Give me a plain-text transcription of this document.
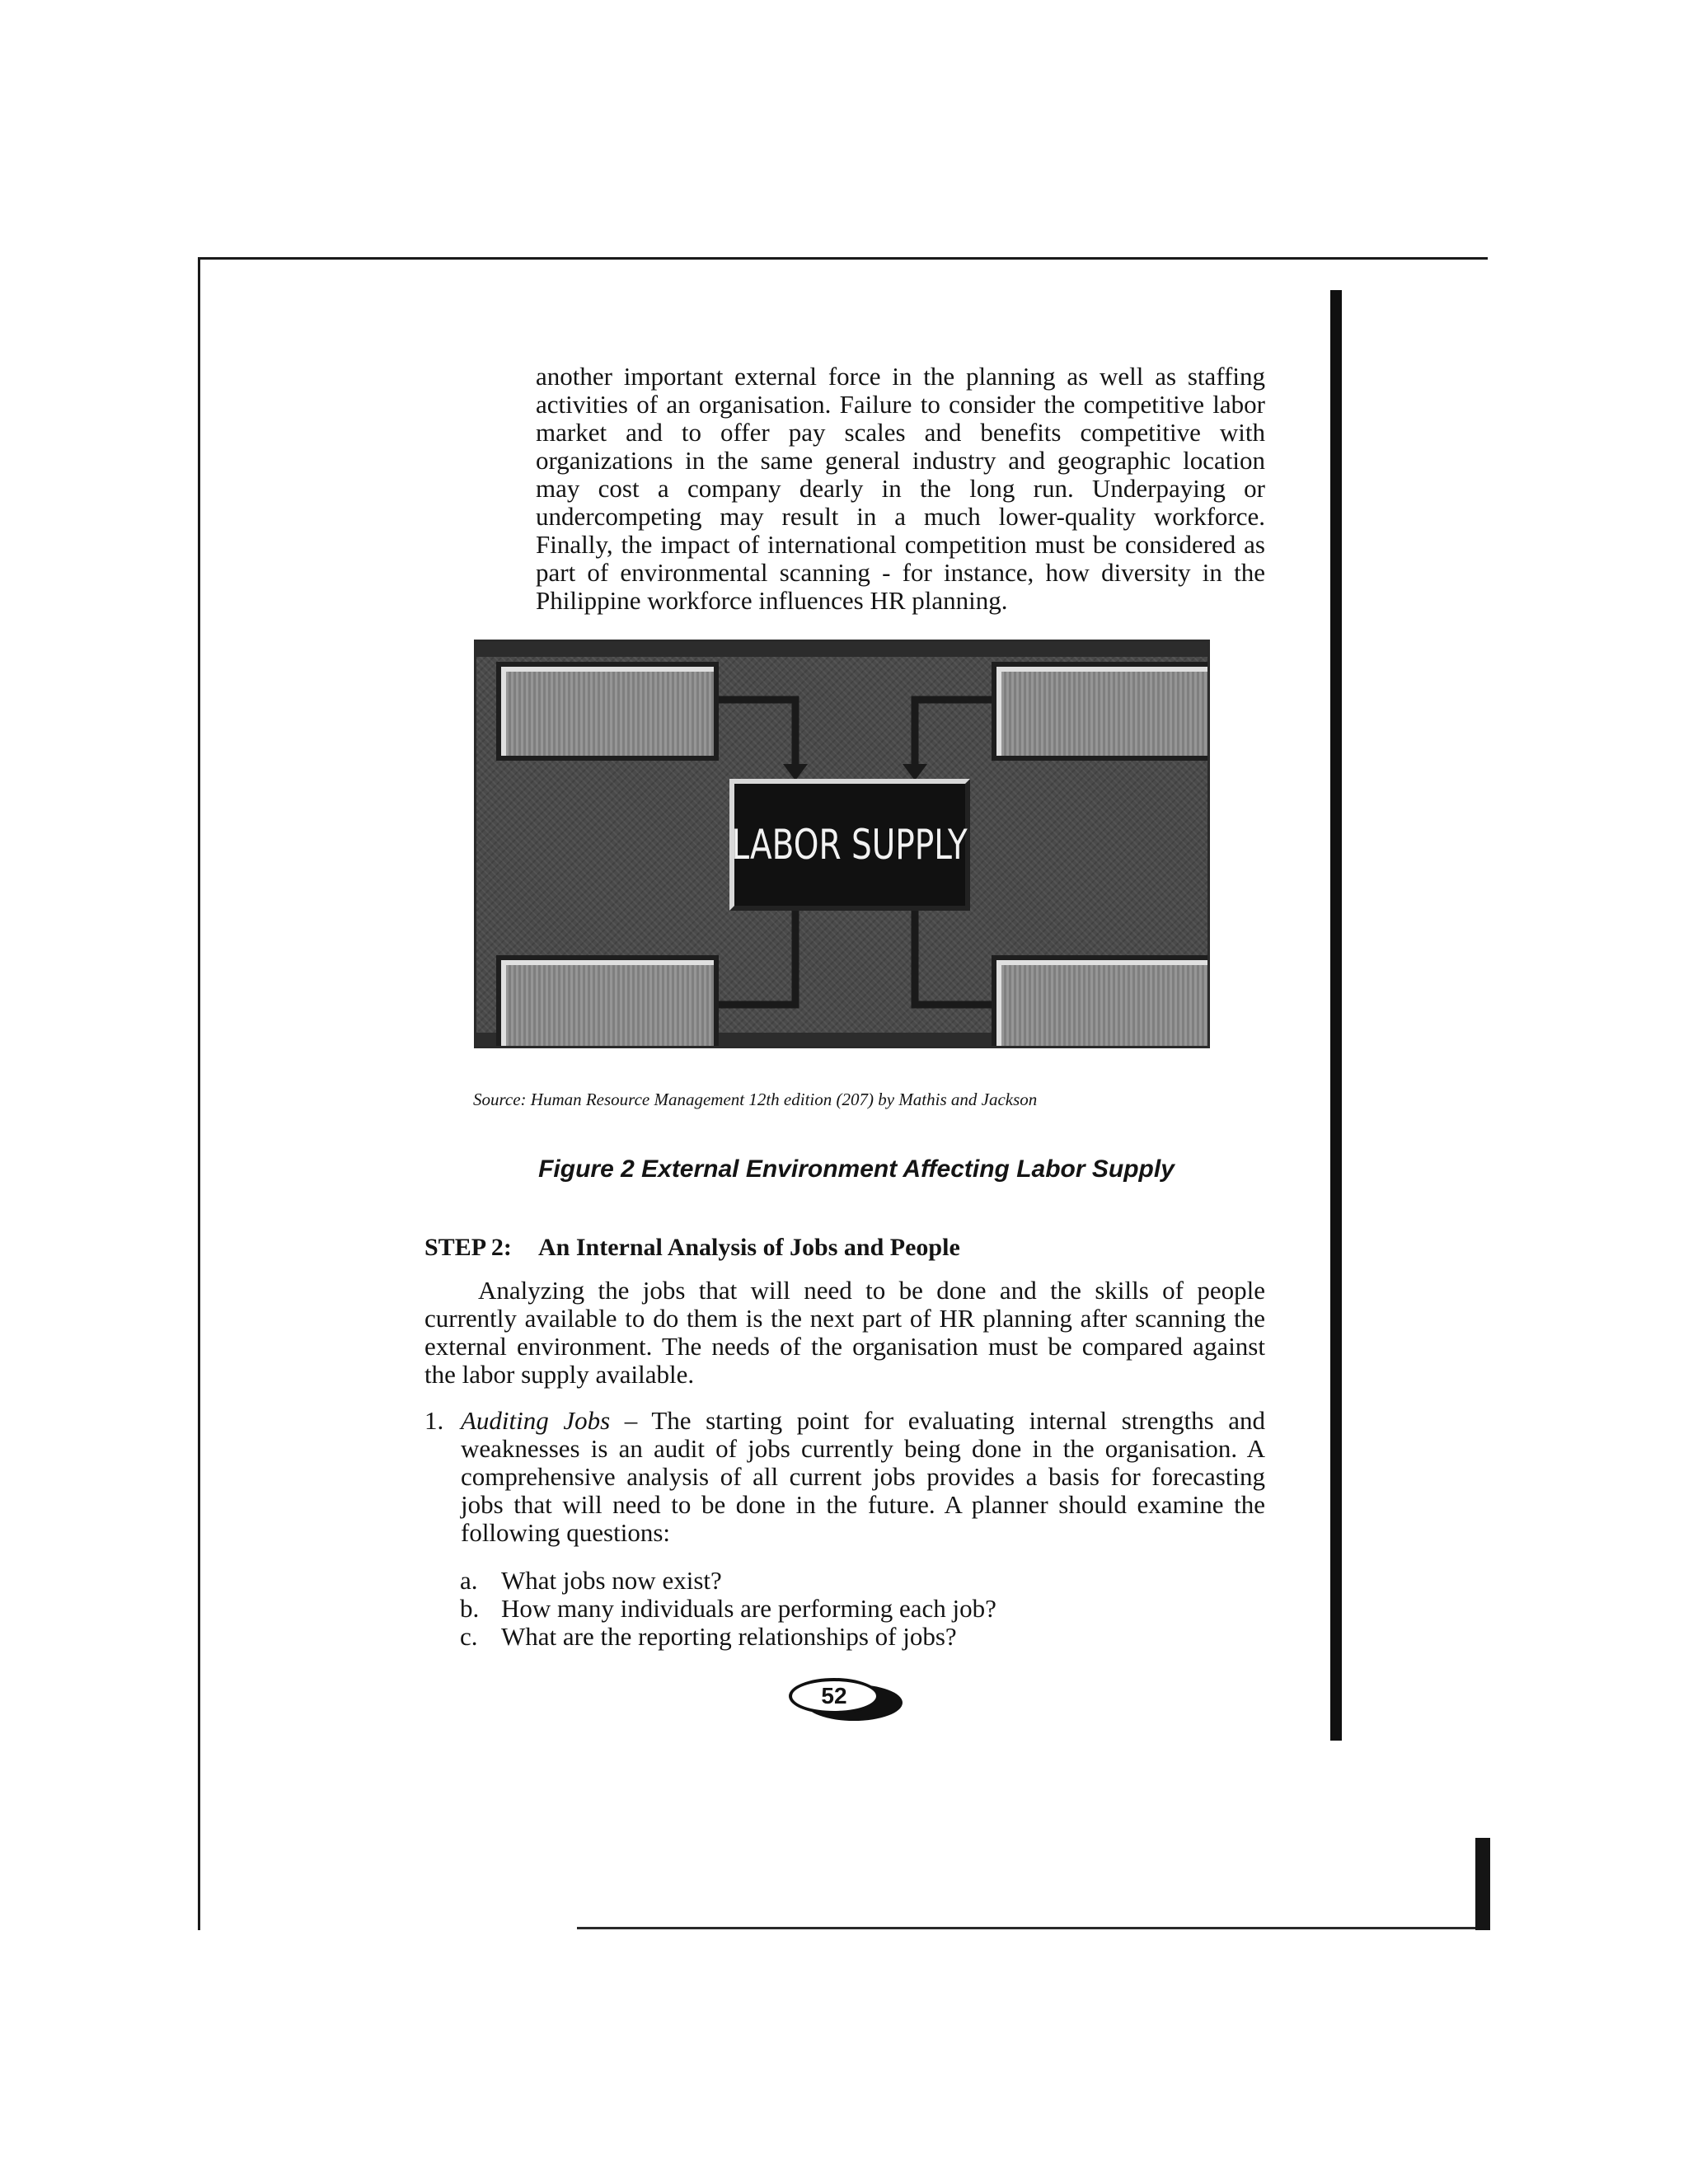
another important external force in the planning as well as staffing activities of an organisation. Failure to consider the competitive labor market and to offer pay scales and benefits competitive with organizations in the same general industry and geographic location may cost a company dearly in the long run. Underpaying or undercompeting may result in a much lower-quality workforce. Finally, the impact of international competition must be considered as part of environmental scanning - for instance, how diversity in the Philippine workforce influences HR planning.

LABOR SUPPLY

Source: Human Resource Management 12th edition (207) by Mathis and Jackson

Figure 2 External Environment Affecting Labor Supply

STEP 2: An Internal Analysis of Jobs and People

Analyzing the jobs that will need to be done and the skills of people currently available to do them is the next part of HR planning after scanning the external environment. The needs of the organisation must be compared against the labor supply available.

1. Auditing Jobs – The starting point for evaluating internal strengths and weaknesses is an audit of jobs currently being done in the organisation. A comprehensive analysis of all current jobs provides a basis for forecasting jobs that will need to be done in the future. A planner should examine the following questions:

a. What jobs now exist?
b. How many individuals are performing each job?
c. What are the reporting relationships of jobs?
52
